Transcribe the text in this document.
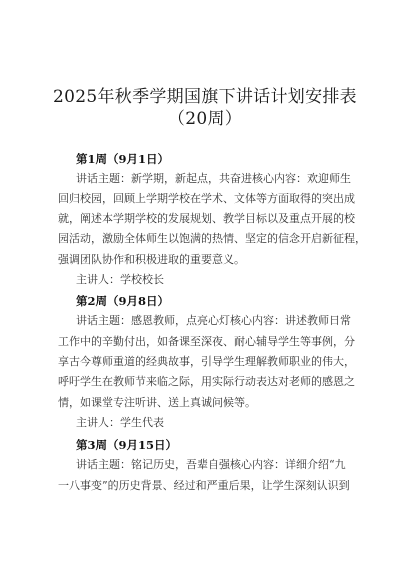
2025年秋季学期国旗下讲话计划安排表
（20周）
第1周（9月1日）
讲话主题：新学期，新起点，共奋进核心内容：欢迎师生
回归校园，回顾上学期学校在学术、文体等方面取得的突出成
就，阐述本学期学校的发展规划、教学目标以及重点开展的校
园活动，激励全体师生以饱满的热情、坚定的信念开启新征程，
强调团队协作和积极进取的重要意义。
主讲人：学校校长
第2周（9月8日）
讲话主题：感恩教师，点亮心灯核心内容：讲述教师日常
工作中的辛勤付出，如备课至深夜、耐心辅导学生等事例，分
享古今尊师重道的经典故事，引导学生理解教师职业的伟大，
呼吁学生在教师节来临之际，用实际行动表达对老师的感恩之
情，如课堂专注听讲、送上真诚问候等。
主讲人：学生代表
第3周（9月15日）
讲话主题：铭记历史，吾辈自强核心内容：详细介绍“九
一八事变”的历史背景、经过和严重后果，让学生深刻认识到
